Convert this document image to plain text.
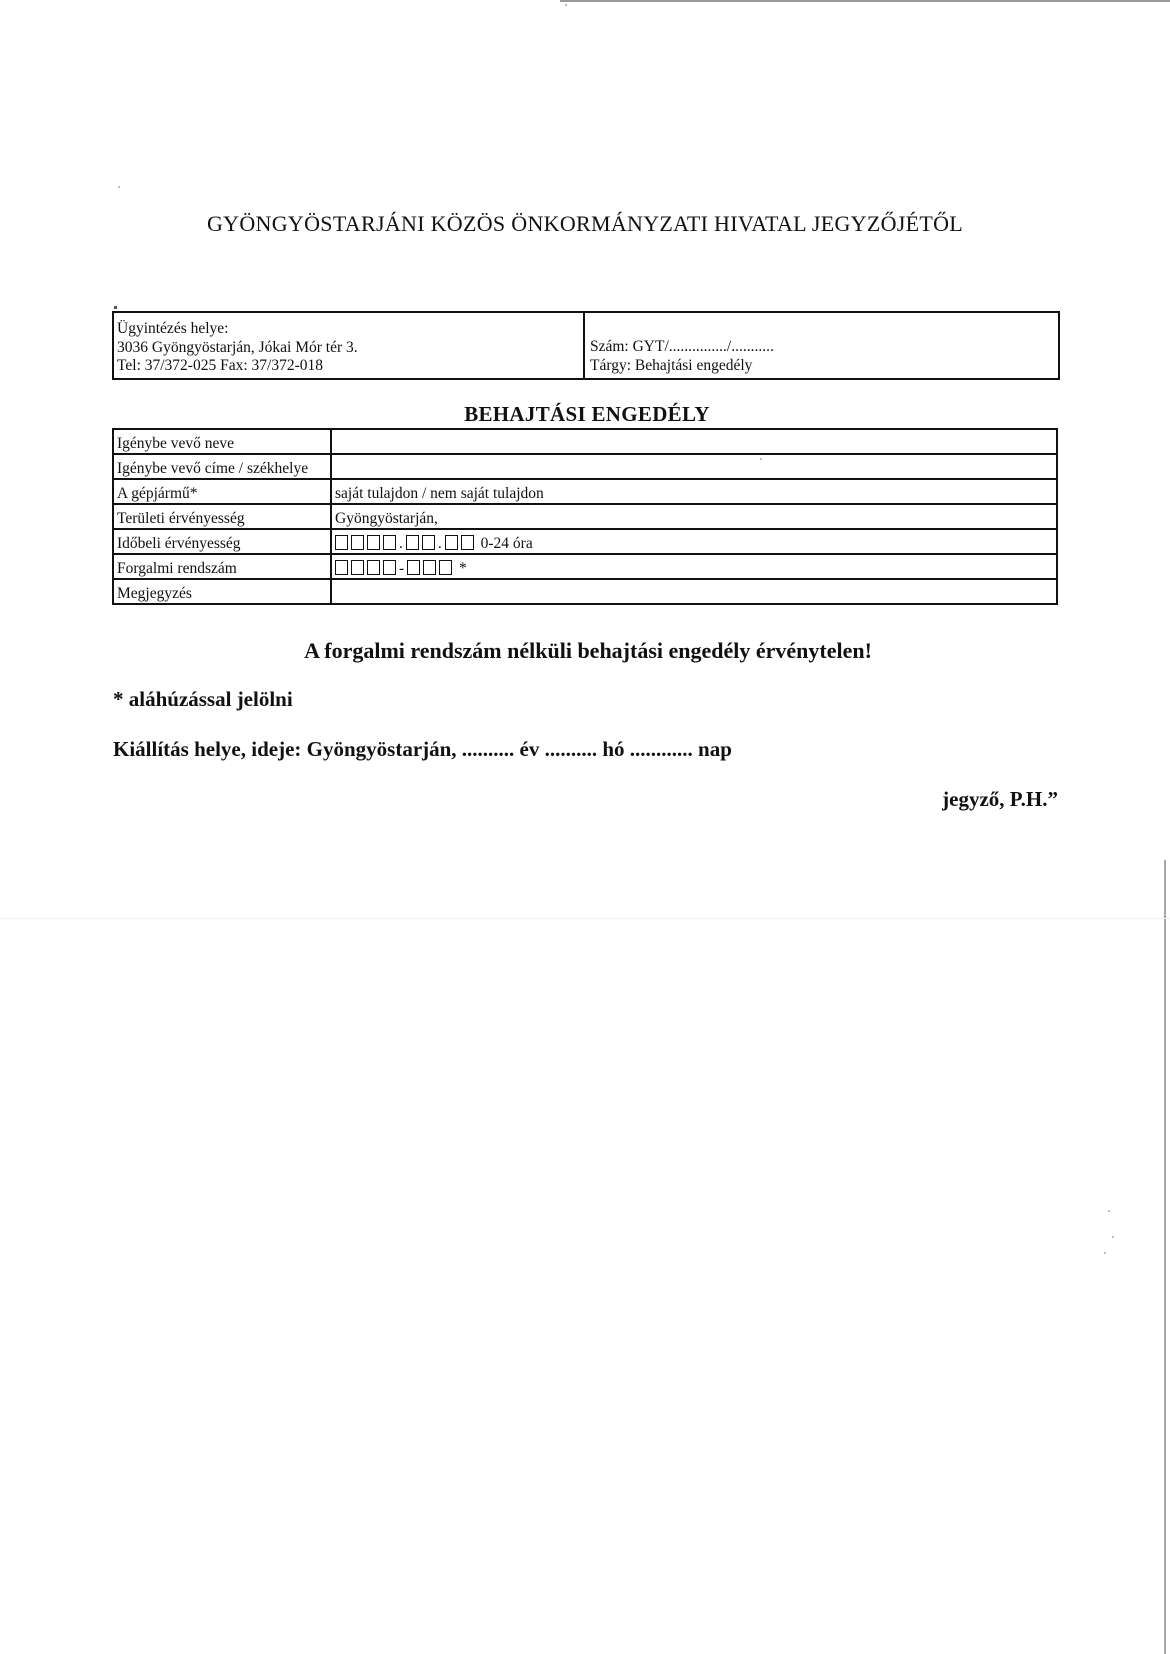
GYÖNGYÖSTARJÁNI KÖZÖS ÖNKORMÁNYZATI HIVATAL JEGYZŐJÉTŐL
Ügyintézés helye:
3036 Gyöngyöstarján, Jókai Mór tér 3.
Tel: 37/372-025 Fax: 37/372-018
Szám: GYT/.............../...........
Tárgy: Behajtási engedély
BEHAJTÁSI ENGEDÉLY
Igénybe vevő neve	
Igénybe vevő címe / székhelye	
A gépjármű*	saját tulajdon / nem saját tulajdon
Területi érvényesség	Gyöngyöstarján,
Időbeli érvényesség	. . 0-24 óra
Forgalmi rendszám	- *
Megjegyzés	
A forgalmi rendszám nélküli behajtási engedély érvénytelen!
* aláhúzással jelölni
Kiállítás helye, ideje: Gyöngyöstarján, .......... év .......... hó ............ nap
jegyző, P.H.”
